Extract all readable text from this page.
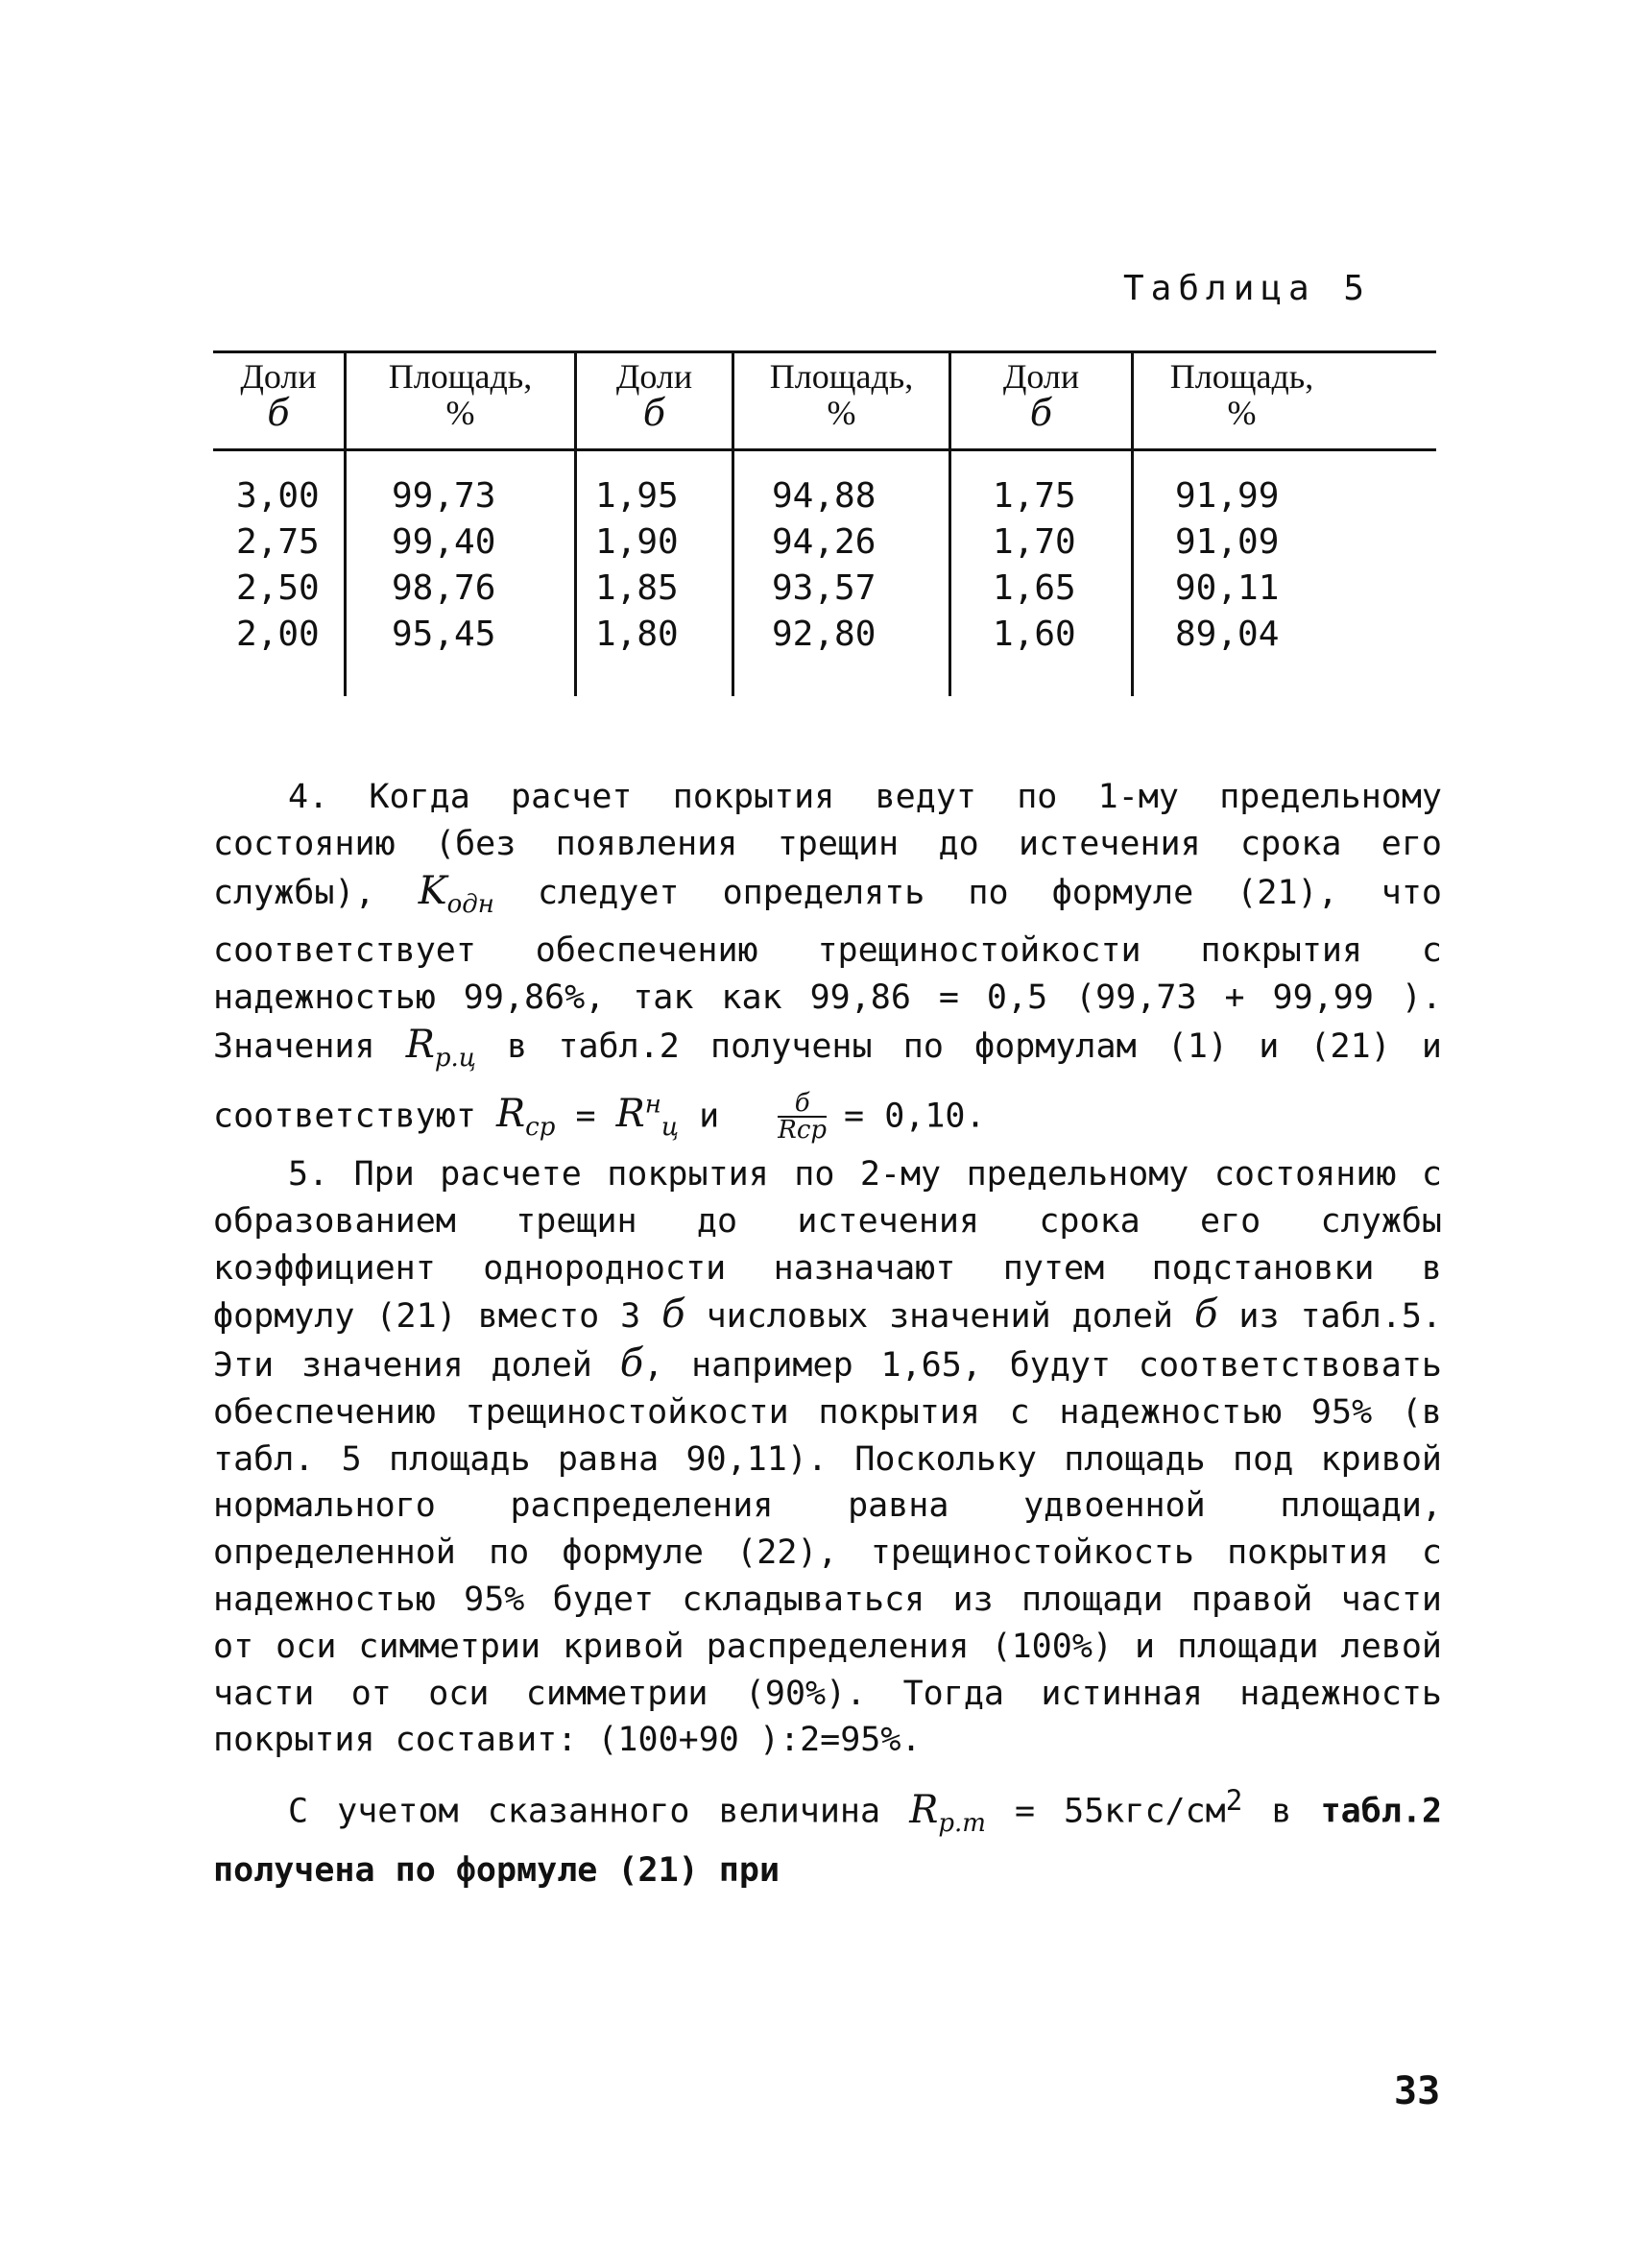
Таблица 5
Доли
б
Площадь,
%
Доли
б
Площадь,
%
Доли
б
Площадь,
%
3,00
2,75
2,50
2,00
99,73
99,40
98,76
95,45
1,95
1,90
1,85
1,80
94,88
94,26
93,57
92,80
1,75
1,70
1,65
1,60
91,99
91,09
90,11
89,04

4. Когда расчет покрытия ведут по 1-му предельному состоянию (без появления трещин до истечения срока его службы), $K_{одн}$ следует определять по формуле (21), что соответствует обеспечению трещиностойкости покрытия с надежностью 99,86%, так как 99,86 = 0,5 (99,73 + 99,99 ). Значения $R_{р.ц}$ в табл.2 получены по формулам (1) и (21) и соответствуют $R_{ср} = R^н_ц$ и $\frac{б}{\text{Rср}} = 0,10$.

5. При расчете покрытия по 2-му предельному состоянию с образованием трещин до истечения срока его службы коэффициент однородности назначают путем подстановки в формулу (21) вместо 3 б числовых значений долей б из табл.5. Эти значения долей б, например 1,65, будут соответствовать обеспечению трещиностойкости покрытия с надежностью 95% (в табл. 5 площадь равна 90,11). Поскольку площадь под кривой нормального распределения равна удвоенной площади, определенной по формуле (22), трещиностойкость покрытия с надежностью 95% будет складываться из площади правой части от оси симметрии кривой распределения (100%) и площади левой части от оси симметрии (90%). Тогда истинная надежность покрытия составит: (100+90 ):2=95%.

С учетом сказанного величина $R_{р.т} = 55кгс/см^2$ в табл.2 получена по формуле (21) при

33
